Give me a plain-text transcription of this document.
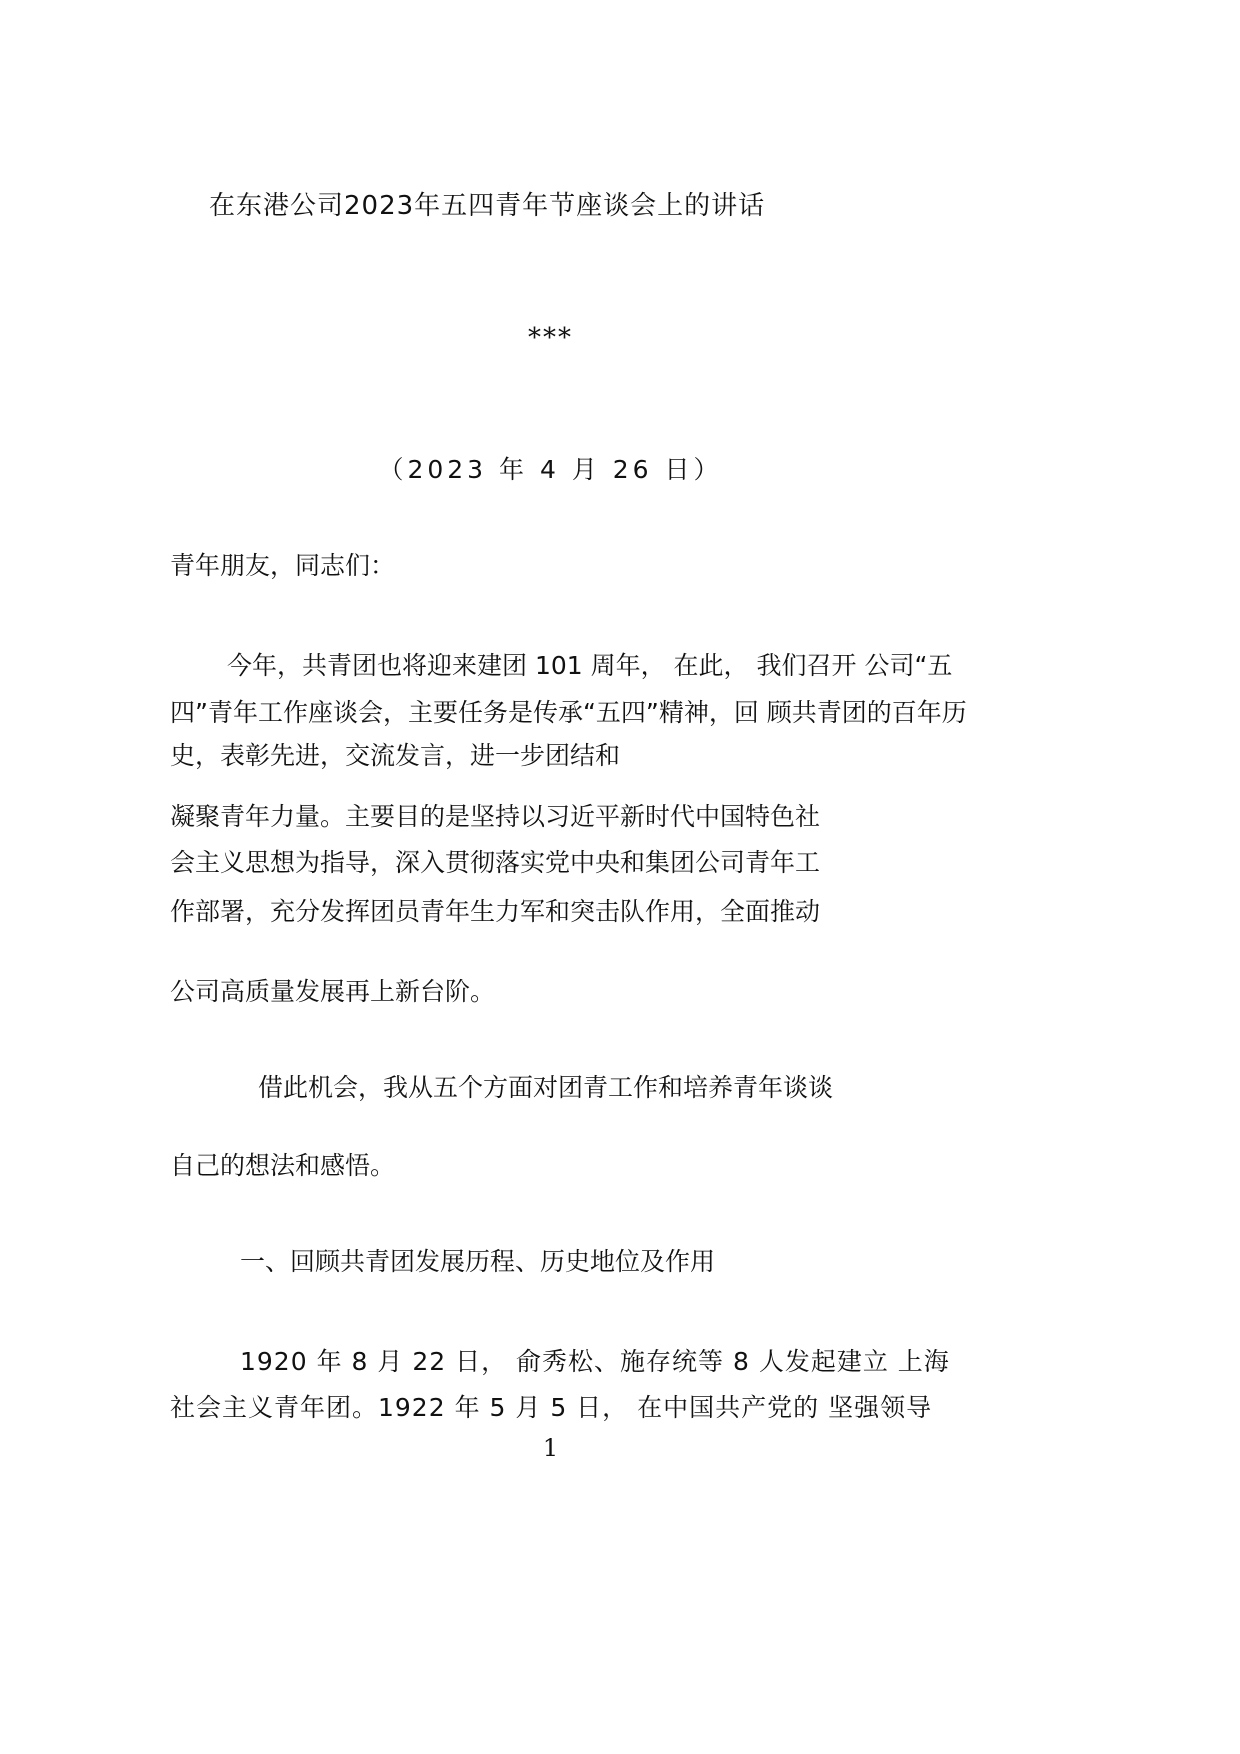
在东港公司2023年五四青年节座谈会上的讲话
***
（2023 年 4 月 26 日）
青年朋友，同志们：
今年，共青团也将迎来建团 101 周年， 在此， 我们召开 公司“五
四”青年工作座谈会，主要任务是传承“五四”精神，回 顾共青团的百年历
史，表彰先进，交流发言，进一步团结和
凝聚青年力量。主要目的是坚持以习近平新时代中国特色社
会主义思想为指导，深入贯彻落实党中央和集团公司青年工
作部署，充分发挥团员青年生力军和突击队作用，全面推动
公司高质量发展再上新台阶。
借此机会，我从五个方面对团青工作和培养青年谈谈
自己的想法和感悟。
一、回顾共青团发展历程、历史地位及作用
1920 年 8 月 22 日， 俞秀松、施存统等 8 人发起建立 上海
社会主义青年团。1922 年 5 月 5 日， 在中国共产党的 坚强领导
1
